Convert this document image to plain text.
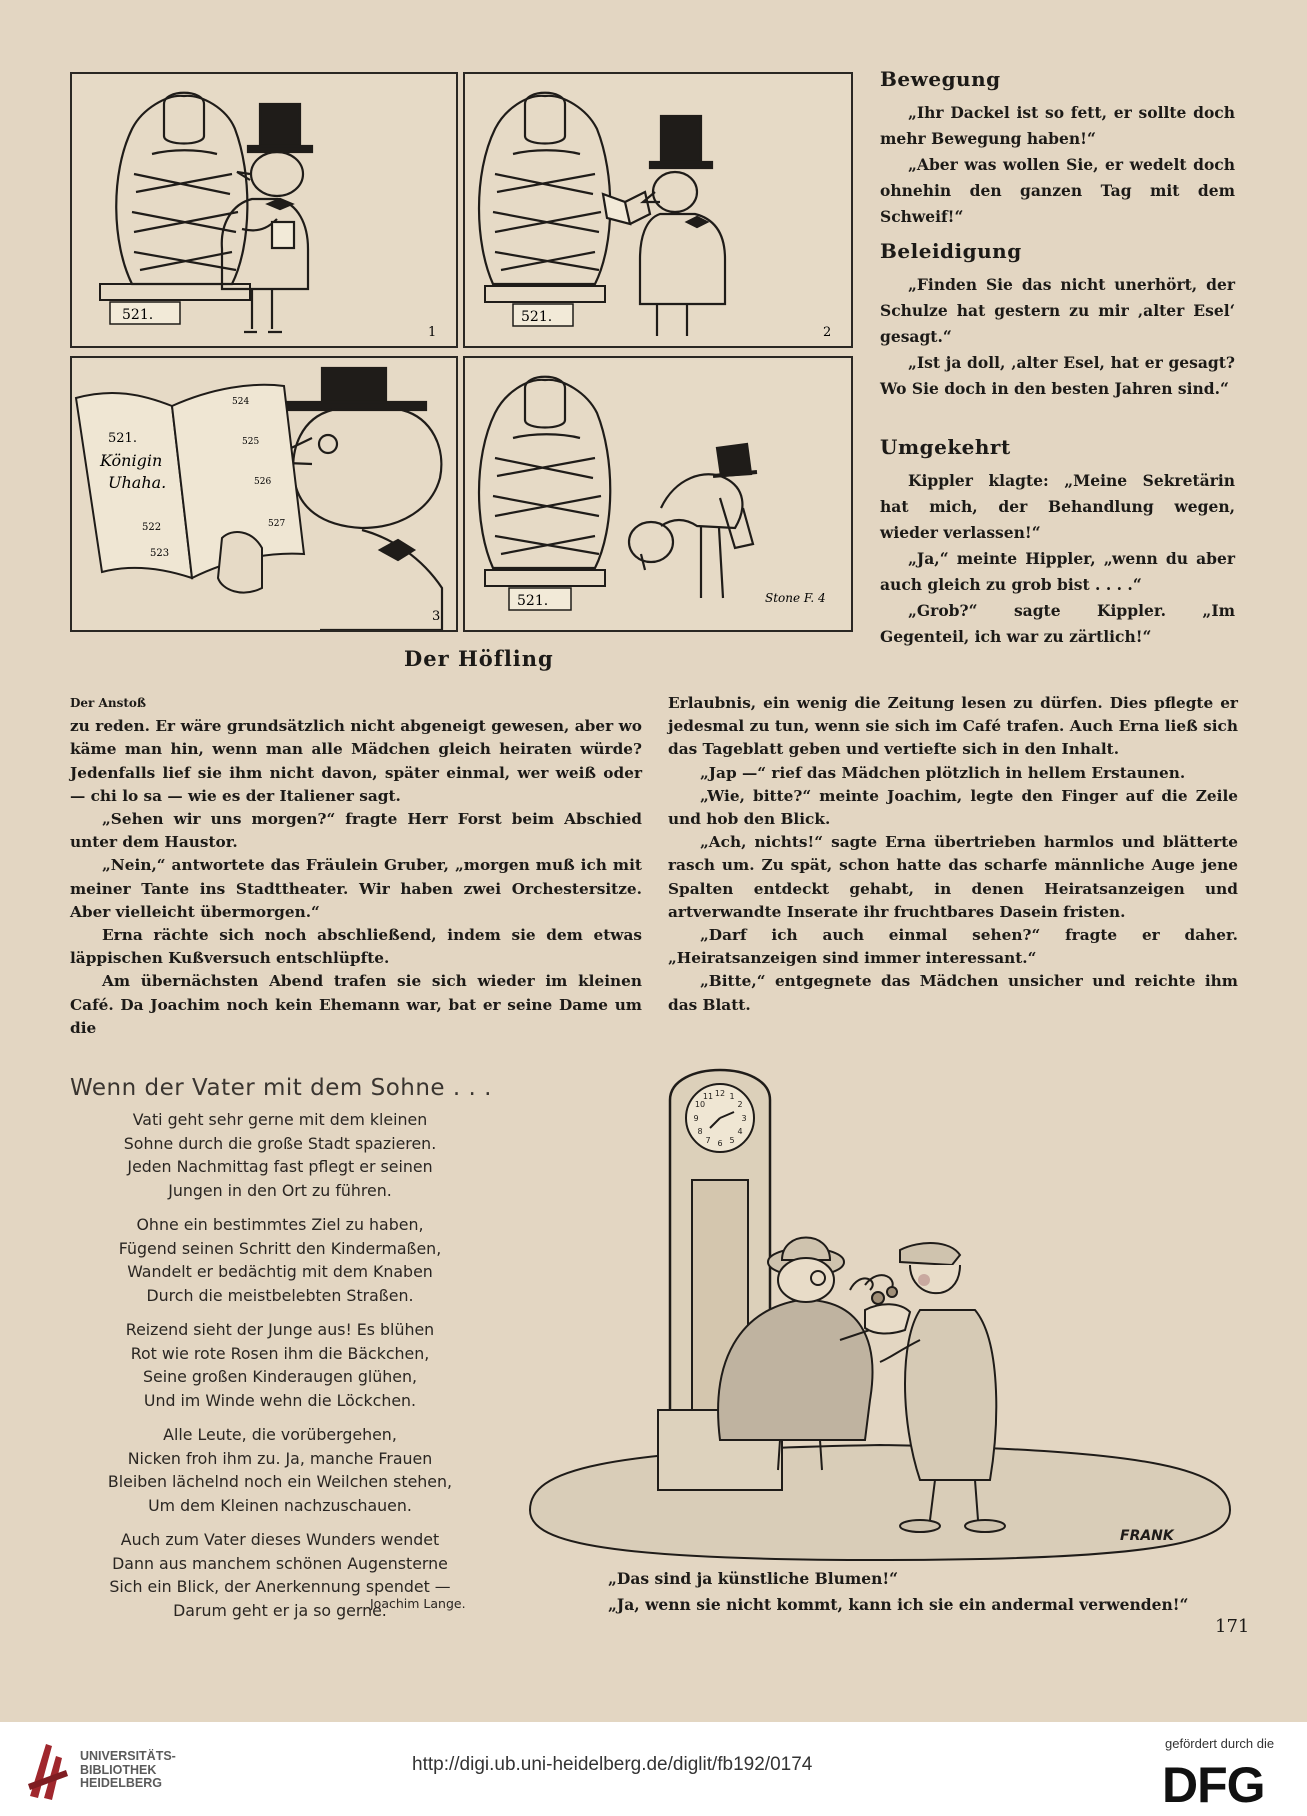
521.
1
521.
2
521.
Königin
Uhaha.
522
523
524
525
526
527
3
521.	Stone F. 4
Der Höfling
Bewegung

„Ihr Dackel ist so fett, er sollte doch mehr Bewegung haben!“

„Aber was wollen Sie, er wedelt doch ohnehin den ganzen Tag mit dem Schweif!“

Beleidigung

„Finden Sie das nicht unerhört, der Schulze hat gestern zu mir ‚alter Esel‘ gesagt.“

„Ist ja doll, ‚alter Esel, hat er gesagt? Wo Sie doch in den besten Jahren sind.“

Umgekehrt

Kippler klagte: „Meine Sekretärin hat mich, der Behandlung wegen, wieder verlassen!“

„Ja,“ meinte Hippler, „wenn du aber auch gleich zu grob bist . . . .“

„Grob?“ sagte Kippler. „Im Gegenteil, ich war zu zärtlich!“

Der Anstoß

zu reden. Er wäre grundsätzlich nicht abgeneigt gewesen, aber wo käme man hin, wenn man alle Mädchen gleich heiraten würde? Jedenfalls lief sie ihm nicht davon, später einmal, wer weiß oder — chi lo sa — wie es der Italiener sagt.

„Sehen wir uns morgen?“ fragte Herr Forst beim Abschied unter dem Haustor.

„Nein,“ antwortete das Fräulein Gruber, „morgen muß ich mit meiner Tante ins Stadttheater. Wir haben zwei Orchestersitze. Aber vielleicht übermorgen.“

Erna rächte sich noch abschließend, indem sie dem etwas läppischen Kußversuch entschlüpfte.

Am übernächsten Abend trafen sie sich wieder im kleinen Café. Da Joachim noch kein Ehemann war, bat er seine Dame um die

Erlaubnis, ein wenig die Zeitung lesen zu dürfen. Dies pflegte er jedesmal zu tun, wenn sie sich im Café trafen. Auch Erna ließ sich das Tageblatt geben und vertiefte sich in den Inhalt.

„Jap —“ rief das Mädchen plötzlich in hellem Erstaunen.

„Wie, bitte?“ meinte Joachim, legte den Finger auf die Zeile und hob den Blick.

„Ach, nichts!“ sagte Erna übertrieben harmlos und blätterte rasch um. Zu spät, schon hatte das scharfe männliche Auge jene Spalten entdeckt gehabt, in denen Heiratsanzeigen und artverwandte Inserate ihr fruchtbares Dasein fristen.

„Darf ich auch einmal sehen?“ fragte er daher. „Heiratsanzeigen sind immer interessant.“

„Bitte,“ entgegnete das Mädchen unsicher und reichte ihm das Blatt.

Wenn der Vater mit dem Sohne . . .
Vati geht sehr gerne mit dem kleinen
Sohne durch die große Stadt spazieren.
Jeden Nachmittag fast pflegt er seinen
Jungen in den Ort zu führen.
Ohne ein bestimmtes Ziel zu haben,
Fügend seinen Schritt den Kindermaßen,
Wandelt er bedächtig mit dem Knaben
Durch die meistbelebten Straßen.
Reizend sieht der Junge aus! Es blühen
Rot wie rote Rosen ihm die Bäckchen,
Seine großen Kinderaugen glühen,
Und im Winde wehn die Löckchen.
Alle Leute, die vorübergehen,
Nicken froh ihm zu. Ja, manche Frauen
Bleiben lächelnd noch ein Weilchen stehen,
Um dem Kleinen nachzuschauen.
Auch zum Vater dieses Wunders wendet
Dann aus manchem schönen Augensterne
Sich ein Blick, der Anerkennung spendet —
Darum geht er ja so gerne.
Joachim Lange.
12 1
2
3
4
5
6
7
8
9
10
11
FRANK
„Das sind ja künstliche Blumen!“
„Ja, wenn sie nicht kommt, kann ich sie ein andermal verwenden!“
171
UNIVERSITÄTS-
BIBLIOTHEK
HEIDELBERG
http://digi.ub.uni-heidelberg.de/diglit/fb192/0174
gefördert durch die
DFG
